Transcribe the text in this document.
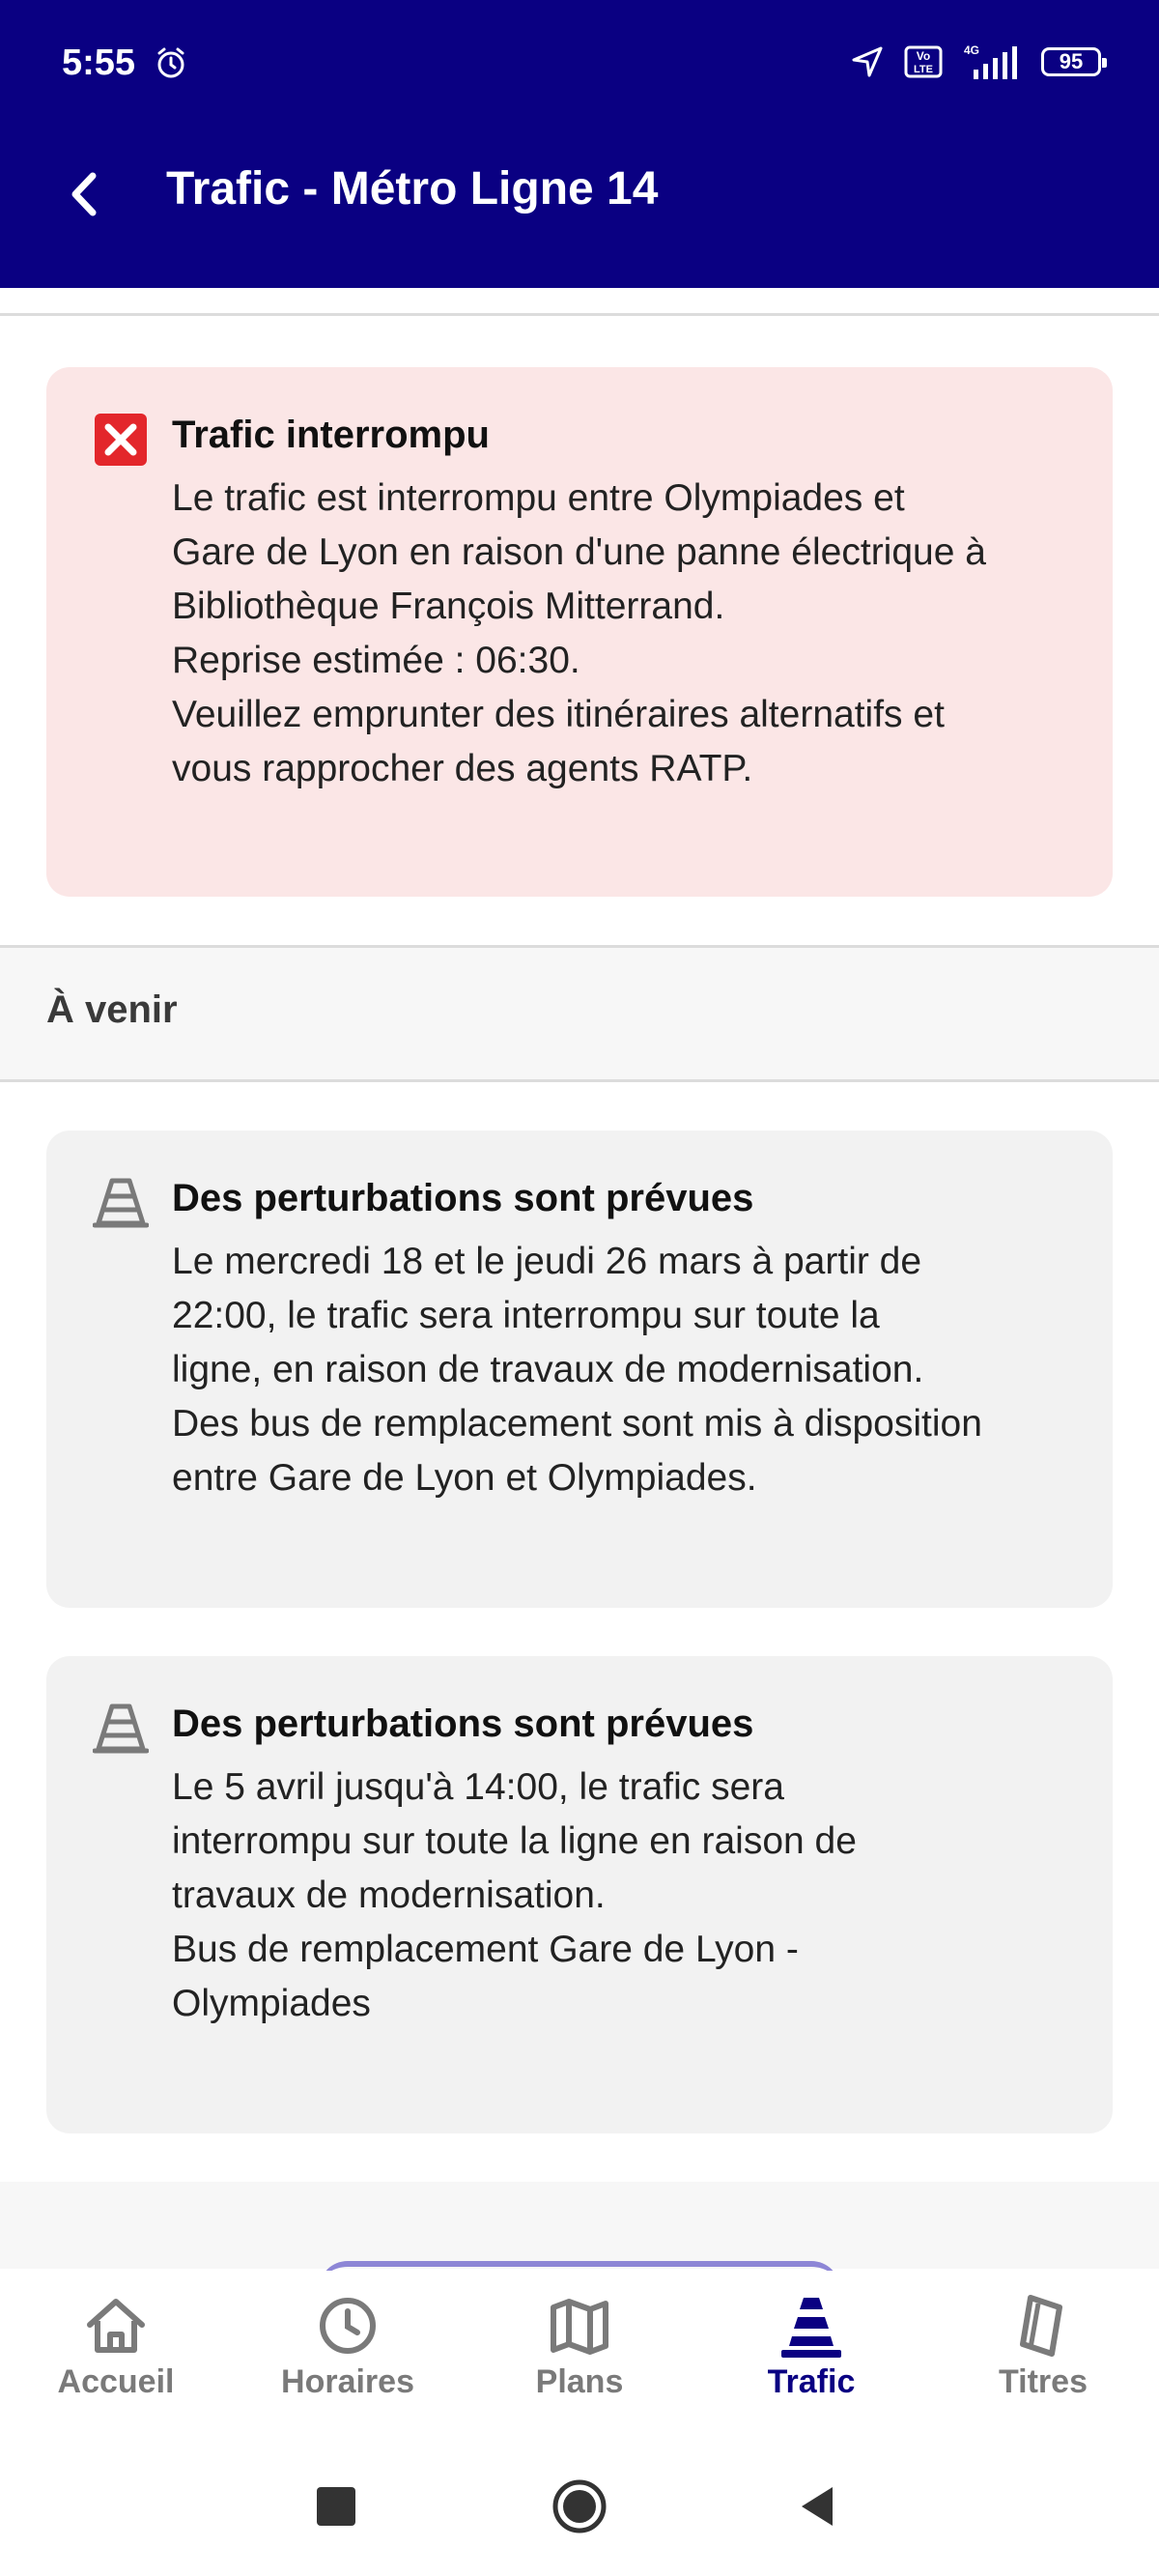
5:55	Vo
LTE
4G	95
Trafic - Métro Ligne 14
Trafic interrompu
Le trafic est interrompu entre Olympiades et
Gare de Lyon en raison d'une panne électrique à
Bibliothèque François Mitterrand.
Reprise estimée : 06:30.
Veuillez emprunter des itinéraires alternatifs et
vous rapprocher des agents RATP.
À venir
Des perturbations sont prévues
Le mercredi 18 et le jeudi 26 mars à partir de
22:00, le trafic sera interrompu sur toute la
ligne, en raison de travaux de modernisation.
Des bus de remplacement sont mis à disposition
entre Gare de Lyon et Olympiades.
Des perturbations sont prévues
Le 5 avril jusqu'à 14:00, le trafic sera
interrompu sur toute la ligne en raison de
travaux de modernisation.
Bus de remplacement Gare de Lyon -
Olympiades
Accueil	Horaires	Plans	Trafic	Titres
